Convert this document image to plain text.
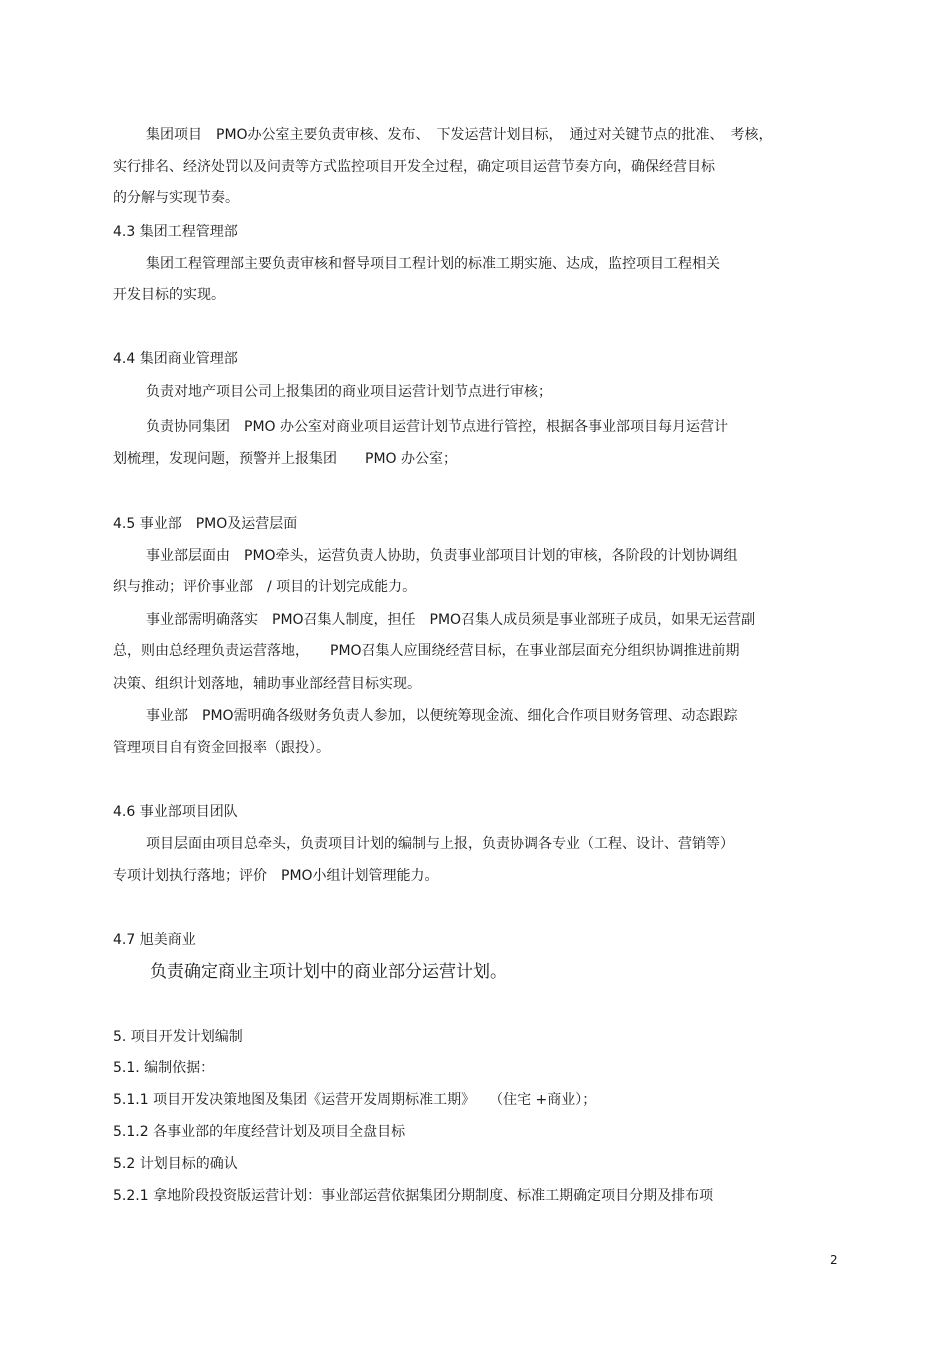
集团项目　PMO办公室主要负责审核、发布、　下发运营计划目标，　通过对关键节点的批准、　考核，
实行排名、经济处罚以及问责等方式监控项目开发全过程，确定项目运营节奏方向，确保经营目标
的分解与实现节奏。
4.3 集团工程管理部
集团工程管理部主要负责审核和督导项目工程计划的标准工期实施、达成，监控项目工程相关
开发目标的实现。
4.4 集团商业管理部
负责对地产项目公司上报集团的商业项目运营计划节点进行审核；
负责协同集团　PMO 办公室对商业项目运营计划节点进行管控，根据各事业部项目每月运营计
划梳理，发现问题，预警并上报集团　　PMO 办公室；
4.5 事业部　PMO及运营层面
事业部层面由　PMO牵头，运营负责人协助，负责事业部项目计划的审核，各阶段的计划协调组
织与推动；评价事业部　/ 项目的计划完成能力。
事业部需明确落实　PMO召集人制度，担任　PMO召集人成员须是事业部班子成员，如果无运营副
总，则由总经理负责运营落地，　　PMO召集人应围绕经营目标，在事业部层面充分组织协调推进前期
决策、组织计划落地，辅助事业部经营目标实现。
事业部　PMO需明确各级财务负责人参加，以便统筹现金流、细化合作项目财务管理、动态跟踪
管理项目自有资金回报率（跟投）。
4.6 事业部项目团队
项目层面由项目总牵头，负责项目计划的编制与上报，负责协调各专业（工程、设计、营销等）
专项计划执行落地；评价　PMO小组计划管理能力。
4.7 旭美商业
负责确定商业主项计划中的商业部分运营计划。
5. 项目开发计划编制
5.1. 编制依据：
5.1.1 项目开发决策地图及集团《运营开发周期标准工期》　　（住宅 +商业）；
5.1.2 各事业部的年度经营计划及项目全盘目标
5.2 计划目标的确认
5.2.1 拿地阶段投资版运营计划：事业部运营依据集团分期制度、标准工期确定项目分期及排布项
2
